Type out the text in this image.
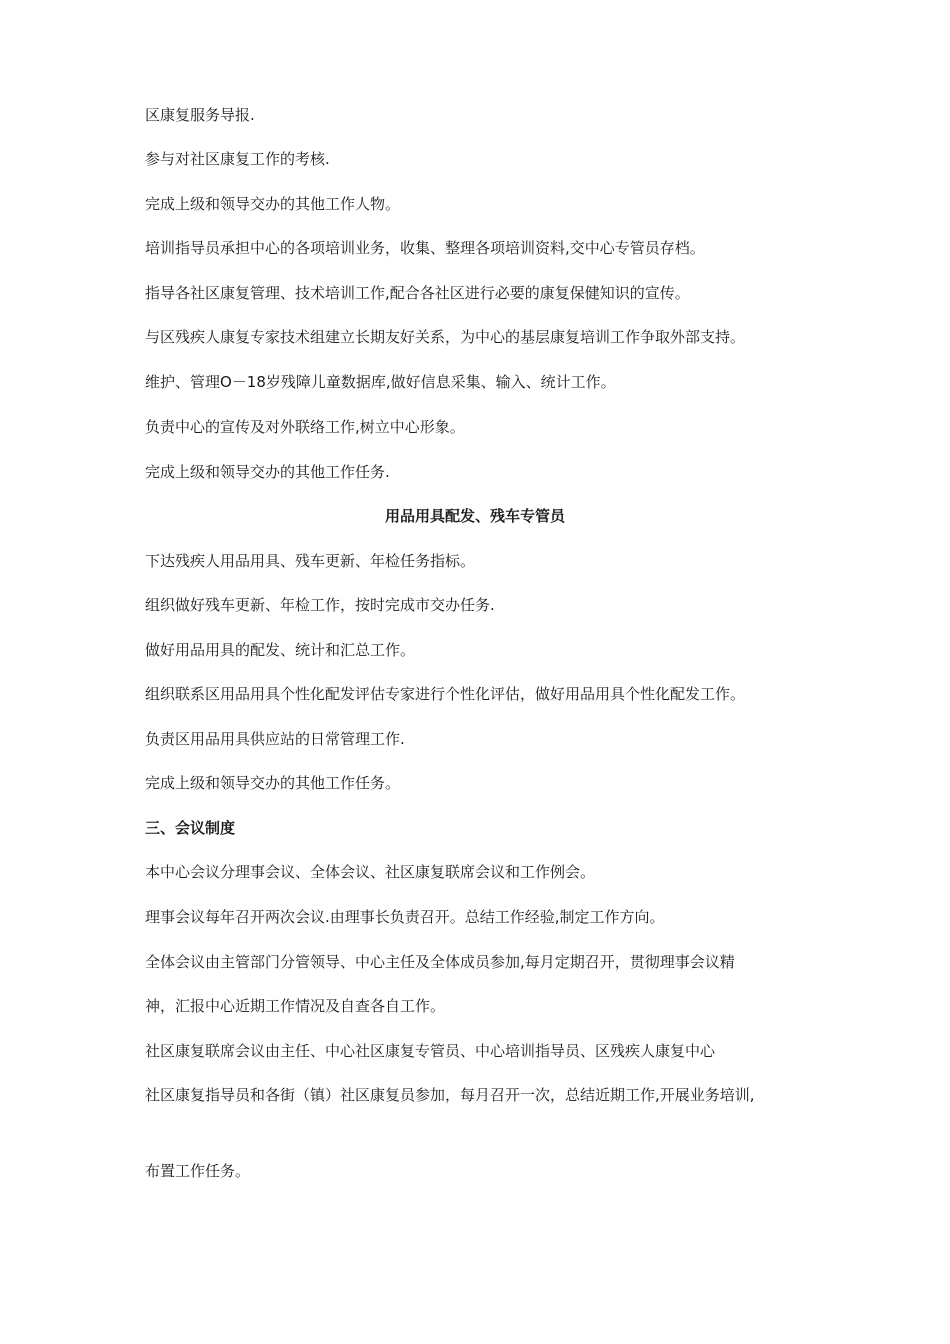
区康复服务导报.
参与对社区康复工作的考核.
完成上级和领导交办的其他工作人物。
培训指导员承担中心的各项培训业务，收集、整理各项培训资料,交中心专管员存档。
指导各社区康复管理、技术培训工作,配合各社区进行必要的康复保健知识的宣传。
与区残疾人康复专家技术组建立长期友好关系，为中心的基层康复培训工作争取外部支持。
维护、管理O－18岁残障儿童数据库,做好信息采集、输入、统计工作。
负责中心的宣传及对外联络工作,树立中心形象。
完成上级和领导交办的其他工作任务.
用品用具配发、残车专管员
下达残疾人用品用具、残车更新、年检任务指标。
组织做好残车更新、年检工作，按时完成市交办任务.
做好用品用具的配发、统计和汇总工作。
组织联系区用品用具个性化配发评估专家进行个性化评估，做好用品用具个性化配发工作。
负责区用品用具供应站的日常管理工作.
完成上级和领导交办的其他工作任务。
三、会议制度
本中心会议分理事会议、全体会议、社区康复联席会议和工作例会。
理事会议每年召开两次会议.由理事长负责召开。总结工作经验,制定工作方向。
全体会议由主管部门分管领导、中心主任及全体成员参加,每月定期召开，贯彻理事会议精
神，汇报中心近期工作情况及自查各自工作。
社区康复联席会议由主任、中心社区康复专管员、中心培训指导员、区残疾人康复中心
社区康复指导员和各街（镇）社区康复员参加，每月召开一次，总结近期工作,开展业务培训,
布置工作任务。
